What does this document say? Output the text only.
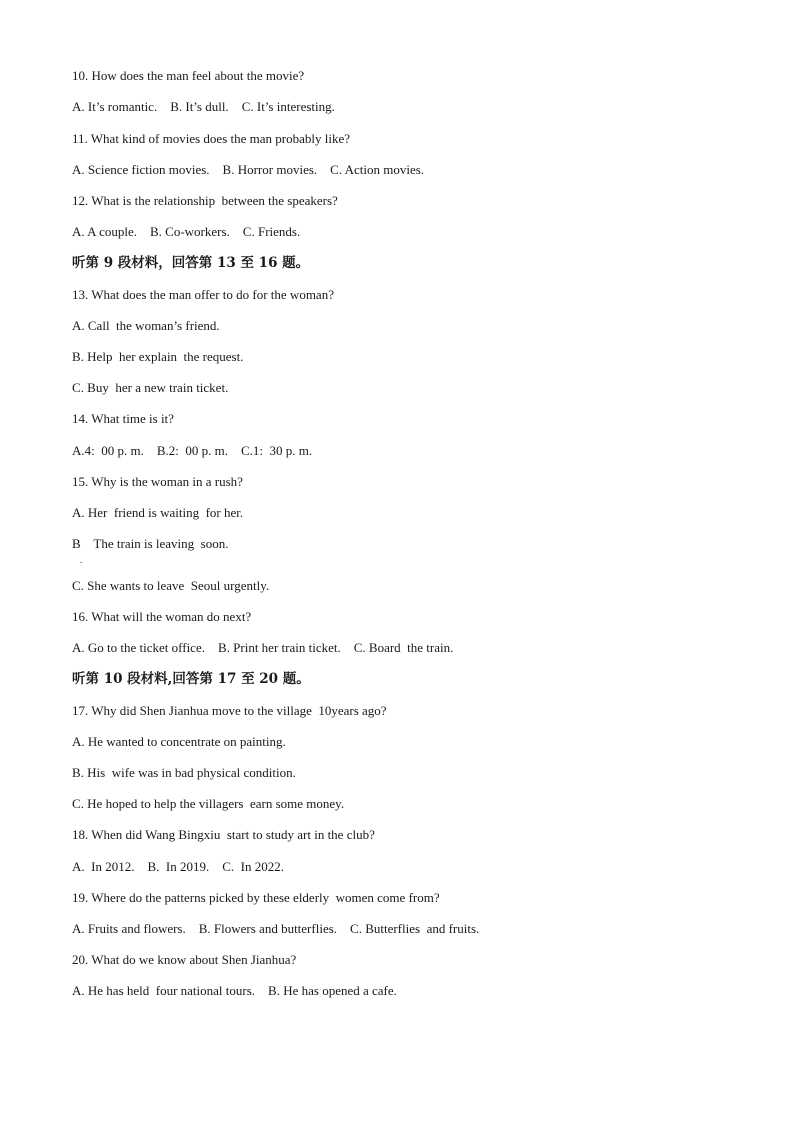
10. How does the man feel about the movie?
A. It’s romantic.    B. It’s dull.    C. It’s interesting.
11. What kind of movies does the man probably like?
A. Science fiction movies.    B. Horror movies.    C. Action movies.
12. What is the relationship  between the speakers?
A. A couple.    B. Co-workers.    C. Friends.
听第 9 段材料，回答第 13 至 16 题。
13. What does the man offer to do for the woman?
A. Call  the woman’s friend.
B. Help  her explain  the request.
C. Buy  her a new train ticket.
14. What time is it?
A.4:  00 p. m.    B.2:  00 p. m.    C.1:  30 p. m.
15. Why is the woman in a rush?
A. Her  friend is waiting  for her.
B    The train is leaving  soon.
.
C. She wants to leave  Seoul urgently.
16. What will the woman do next?
A. Go to the ticket office.    B. Print her train ticket.    C. Board  the train.
听第 10 段材料,回答第 17 至 20 题。
17. Why did Shen Jianhua move to the village  10years ago?
A. He wanted to concentrate on painting.
B. His  wife was in bad physical condition.
C. He hoped to help the villagers  earn some money.
18. When did Wang Bingxiu  start to study art in the club?
A.  In 2012.    B.  In 2019.    C.  In 2022.
19. Where do the patterns picked by these elderly  women come from?
A. Fruits and flowers.    B. Flowers and butterflies.    C. Butterflies  and fruits.
20. What do we know about Shen Jianhua?
A. He has held  four national tours.    B. He has opened a cafe.
